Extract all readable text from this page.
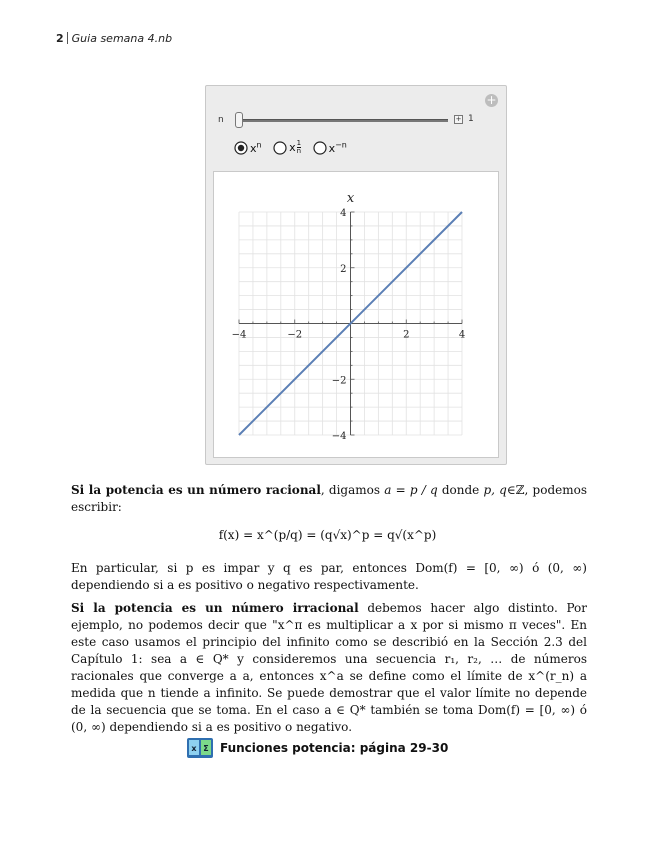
2 Guia semana 4.nb
+
n	+ 1
$x^n$	x $\frac{1}{n}$	$x^{-n}$
−4	−2	2	4
4
2
−2
−4
x

Si la potencia es un número racional, digamos a = p / q donde p, q∈ℤ, podemos escribir:

f(x) = x^(p/q) = (q√x)^p = q√(x^p)

En particular, si p es impar y q es par, entonces Dom(f) = [0, ∞) ó (0, ∞) dependiendo si a es positivo o negativo respectivamente.

Si la potencia es un número irracional debemos hacer algo distinto. Por ejemplo, no podemos decir que "x^π es multiplicar a x por si mismo π veces". En este caso usamos el principio del infinito como se describió en la Sección 2.3 del Capítulo 1: sea a ∈ Q* y consideremos una secuencia r₁, r₂, … de números racionales que converge a a, entonces x^a se define como el límite de x^(r_n) a medida que n tiende a infinito. Se puede demostrar que el valor límite no depende de la secuencia que se toma. En el caso a ∈ Q* también se toma Dom(f) = [0, ∞) ó (0, ∞) dependiendo si a es positivo o negativo.

x Σ Funciones potencia: página 29-30
